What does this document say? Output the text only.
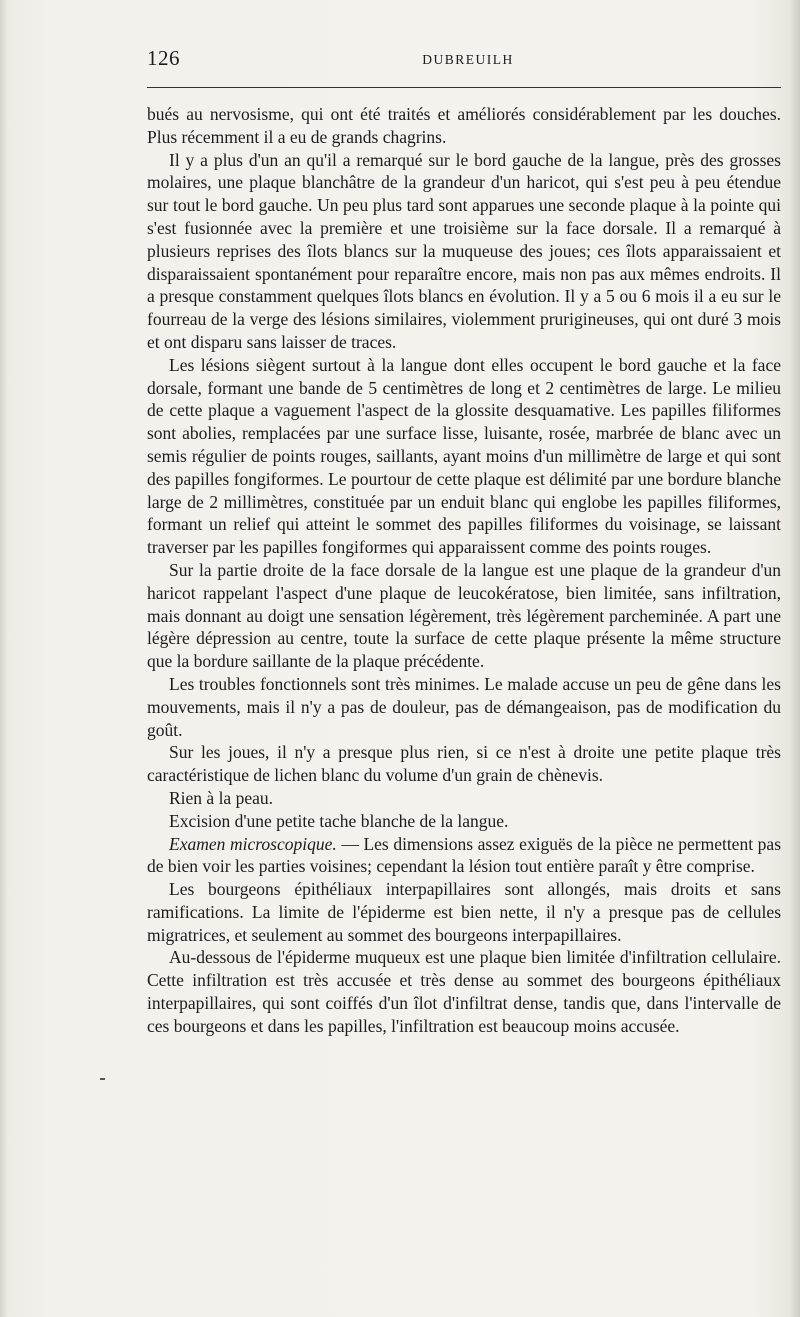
126	DUBREUILH

bués au nervosisme, qui ont été traités et améliorés considérablement par les douches. Plus récemment il a eu de grands chagrins.

Il y a plus d'un an qu'il a remarqué sur le bord gauche de la langue, près des grosses molaires, une plaque blanchâtre de la grandeur d'un haricot, qui s'est peu à peu étendue sur tout le bord gauche. Un peu plus tard sont apparues une seconde plaque à la pointe qui s'est fusionnée avec la première et une troisième sur la face dorsale. Il a remarqué à plusieurs reprises des îlots blancs sur la muqueuse des joues; ces îlots apparaissaient et disparaissaient spontanément pour reparaître encore, mais non pas aux mêmes endroits. Il a presque constamment quelques îlots blancs en évolution. Il y a 5 ou 6 mois il a eu sur le fourreau de la verge des lésions similaires, violemment prurigineuses, qui ont duré 3 mois et ont disparu sans laisser de traces.

Les lésions siègent surtout à la langue dont elles occupent le bord gauche et la face dorsale, formant une bande de 5 centimètres de long et 2 centimètres de large. Le milieu de cette plaque a vaguement l'aspect de la glossite desquamative. Les papilles filiformes sont abolies, remplacées par une surface lisse, luisante, rosée, marbrée de blanc avec un semis régulier de points rouges, saillants, ayant moins d'un millimètre de large et qui sont des papilles fongiformes. Le pourtour de cette plaque est délimité par une bordure blanche large de 2 millimètres, constituée par un enduit blanc qui englobe les papilles filiformes, formant un relief qui atteint le sommet des papilles filiformes du voisinage, se laissant traverser par les papilles fongiformes qui apparaissent comme des points rouges.

Sur la partie droite de la face dorsale de la langue est une plaque de la grandeur d'un haricot rappelant l'aspect d'une plaque de leucokératose, bien limitée, sans infiltration, mais donnant au doigt une sensation légèrement, très légèrement parcheminée. A part une légère dépression au centre, toute la surface de cette plaque présente la même structure que la bordure saillante de la plaque précédente.

Les troubles fonctionnels sont très minimes. Le malade accuse un peu de gêne dans les mouvements, mais il n'y a pas de douleur, pas de démangeaison, pas de modification du goût.

Sur les joues, il n'y a presque plus rien, si ce n'est à droite une petite plaque très caractéristique de lichen blanc du volume d'un grain de chènevis.

Rien à la peau.

Excision d'une petite tache blanche de la langue.

Examen microscopique. — Les dimensions assez exiguës de la pièce ne permettent pas de bien voir les parties voisines; cependant la lésion tout entière paraît y être comprise.

Les bourgeons épithéliaux interpapillaires sont allongés, mais droits et sans ramifications. La limite de l'épiderme est bien nette, il n'y a presque pas de cellules migratrices, et seulement au sommet des bourgeons interpapillaires.

Au-dessous de l'épiderme muqueux est une plaque bien limitée d'infiltration cellulaire. Cette infiltration est très accusée et très dense au sommet des bourgeons épithéliaux interpapillaires, qui sont coiffés d'un îlot d'infiltrat dense, tandis que, dans l'intervalle de ces bourgeons et dans les papilles, l'infiltration est beaucoup moins accusée.
